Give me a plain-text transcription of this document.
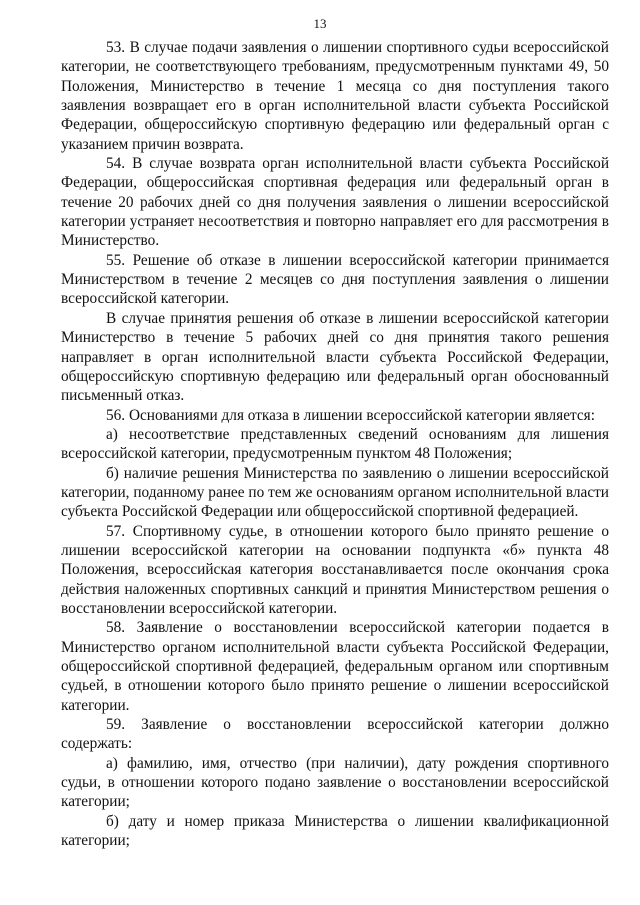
13

53. В случае подачи заявления о лишении спортивного судьи всероссийской категории, не соответствующего требованиям, предусмотренным пунктами 49, 50 Положения, Министерство в течение 1 месяца со дня поступления такого заявления возвращает его в орган исполнительной власти субъекта Российской Федерации, общероссийскую спортивную федерацию или федеральный орган с указанием причин возврата.

54. В случае возврата орган исполнительной власти субъекта Российской Федерации, общероссийская спортивная федерация или федеральный орган в течение 20 рабочих дней со дня получения заявления о лишении всероссийской категории устраняет несоответствия и повторно направляет его для рассмотрения в Министерство.

55. Решение об отказе в лишении всероссийской категории принимается Министерством в течение 2 месяцев со дня поступления заявления о лишении всероссийской категории.

В случае принятия решения об отказе в лишении всероссийской категории Министерство в течение 5 рабочих дней со дня принятия такого решения направляет в орган исполнительной власти субъекта Российской Федерации, общероссийскую спортивную федерацию или федеральный орган обоснованный письменный отказ.

56. Основаниями для отказа в лишении всероссийской категории является:

а) несоответствие представленных сведений основаниям для лишения всероссийской категории, предусмотренным пунктом 48 Положения;

б) наличие решения Министерства по заявлению о лишении всероссийской категории, поданному ранее по тем же основаниям органом исполнительной власти субъекта Российской Федерации или общероссийской спортивной федерацией.

57. Спортивному судье, в отношении которого было принято решение о лишении всероссийской категории на основании подпункта «б» пункта 48 Положения, всероссийская категория восстанавливается после окончания срока действия наложенных спортивных санкций и принятия Министерством решения о восстановлении всероссийской категории.

58. Заявление о восстановлении всероссийской категории подается в Министерство органом исполнительной власти субъекта Российской Федерации, общероссийской спортивной федерацией, федеральным органом или спортивным судьей, в отношении которого было принято решение о лишении всероссийской категории.

59. Заявление о восстановлении всероссийской категории должно содержать:

а) фамилию, имя, отчество (при наличии), дату рождения спортивного судьи, в отношении которого подано заявление о восстановлении всероссийской категории;

б) дату и номер приказа Министерства о лишении квалификационной категории;
